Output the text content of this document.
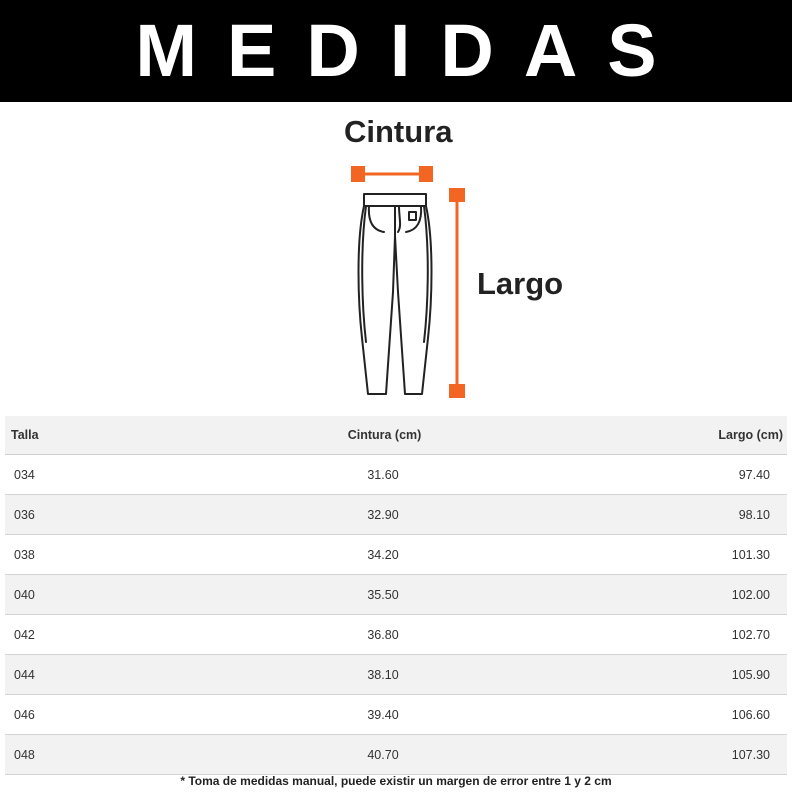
MEDIDAS
Cintura
Largo
Talla	Cintura (cm)	Largo (cm)
034	31.60	97.40
036	32.90	98.10
038	34.20	101.30
040	35.50	102.00
042	36.80	102.70
044	38.10	105.90
046	39.40	106.60
048	40.70	107.30
* Toma de medidas manual, puede existir un margen de error entre 1 y 2 cm
